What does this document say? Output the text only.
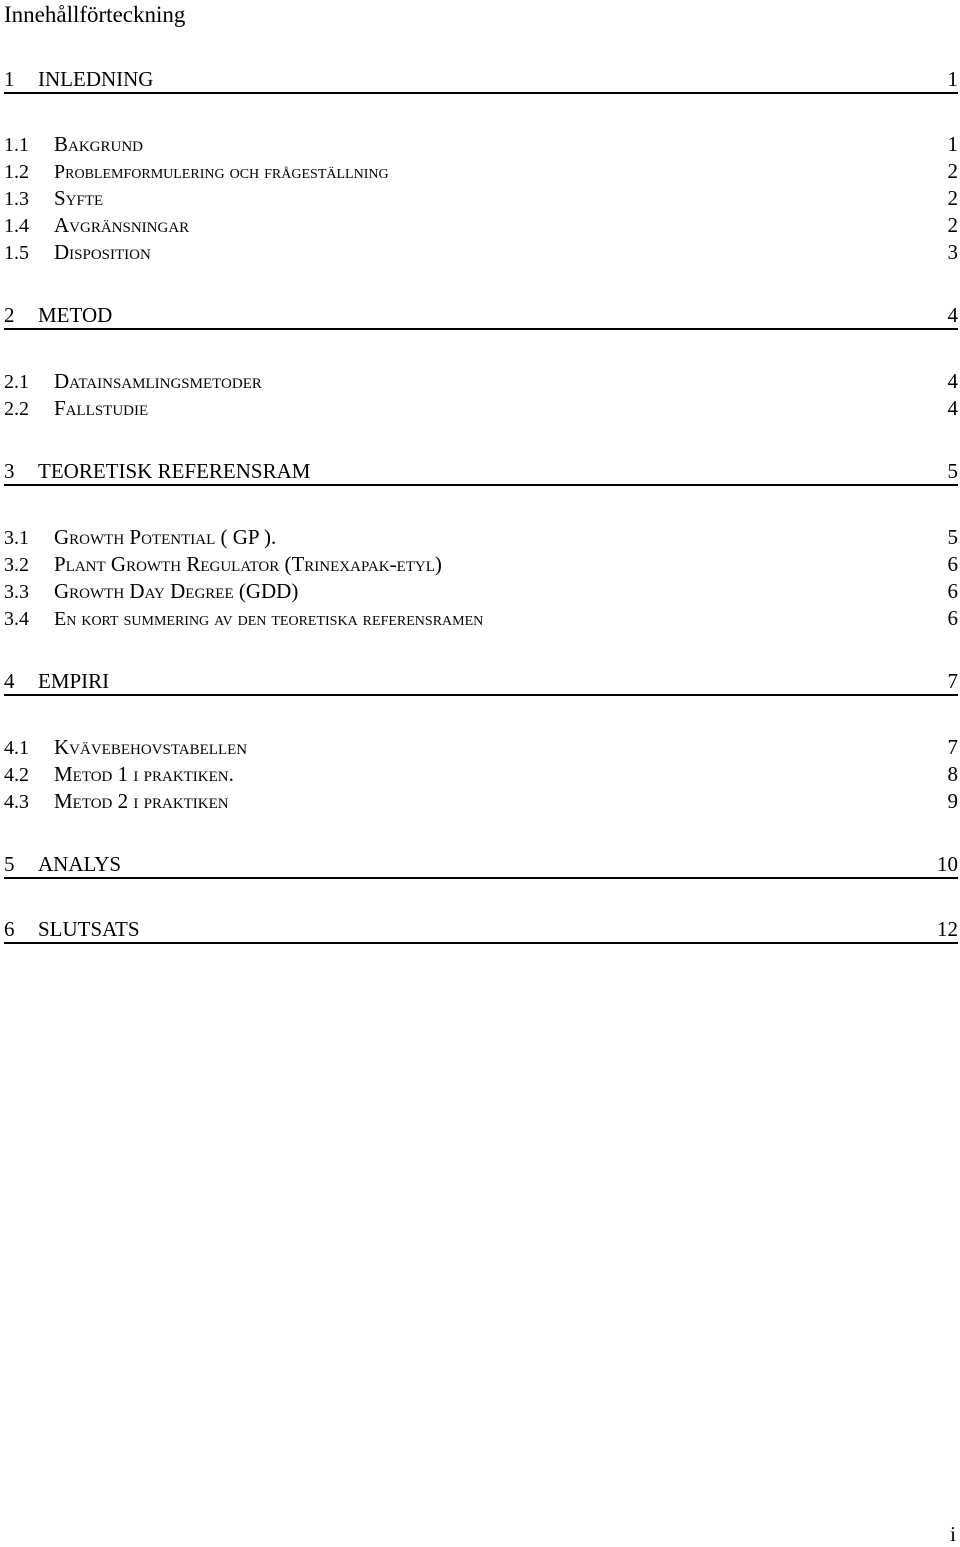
Innehållförteckning
1	INLEDNING	1
1.1	Bakgrund	1
1.2	Problemformulering och frågeställning	2
1.3	Syfte	2
1.4	Avgränsningar	2
1.5	Disposition	3
2	METOD	4
2.1	Datainsamlingsmetoder	4
2.2	Fallstudie	4
3	TEORETISK REFERENSRAM	5
3.1	Growth Potential ( GP ).	5
3.2	Plant Growth Regulator (Trinexapak-etyl)	6
3.3	Growth Day Degree (GDD)	6
3.4	En kort summering av den teoretiska referensramen	6
4	EMPIRI	7
4.1	Kvävebehovstabellen	7
4.2	Metod 1 i praktiken.	8
4.3	Metod 2 i praktiken	9
5	ANALYS	10
6	SLUTSATS	12
i
